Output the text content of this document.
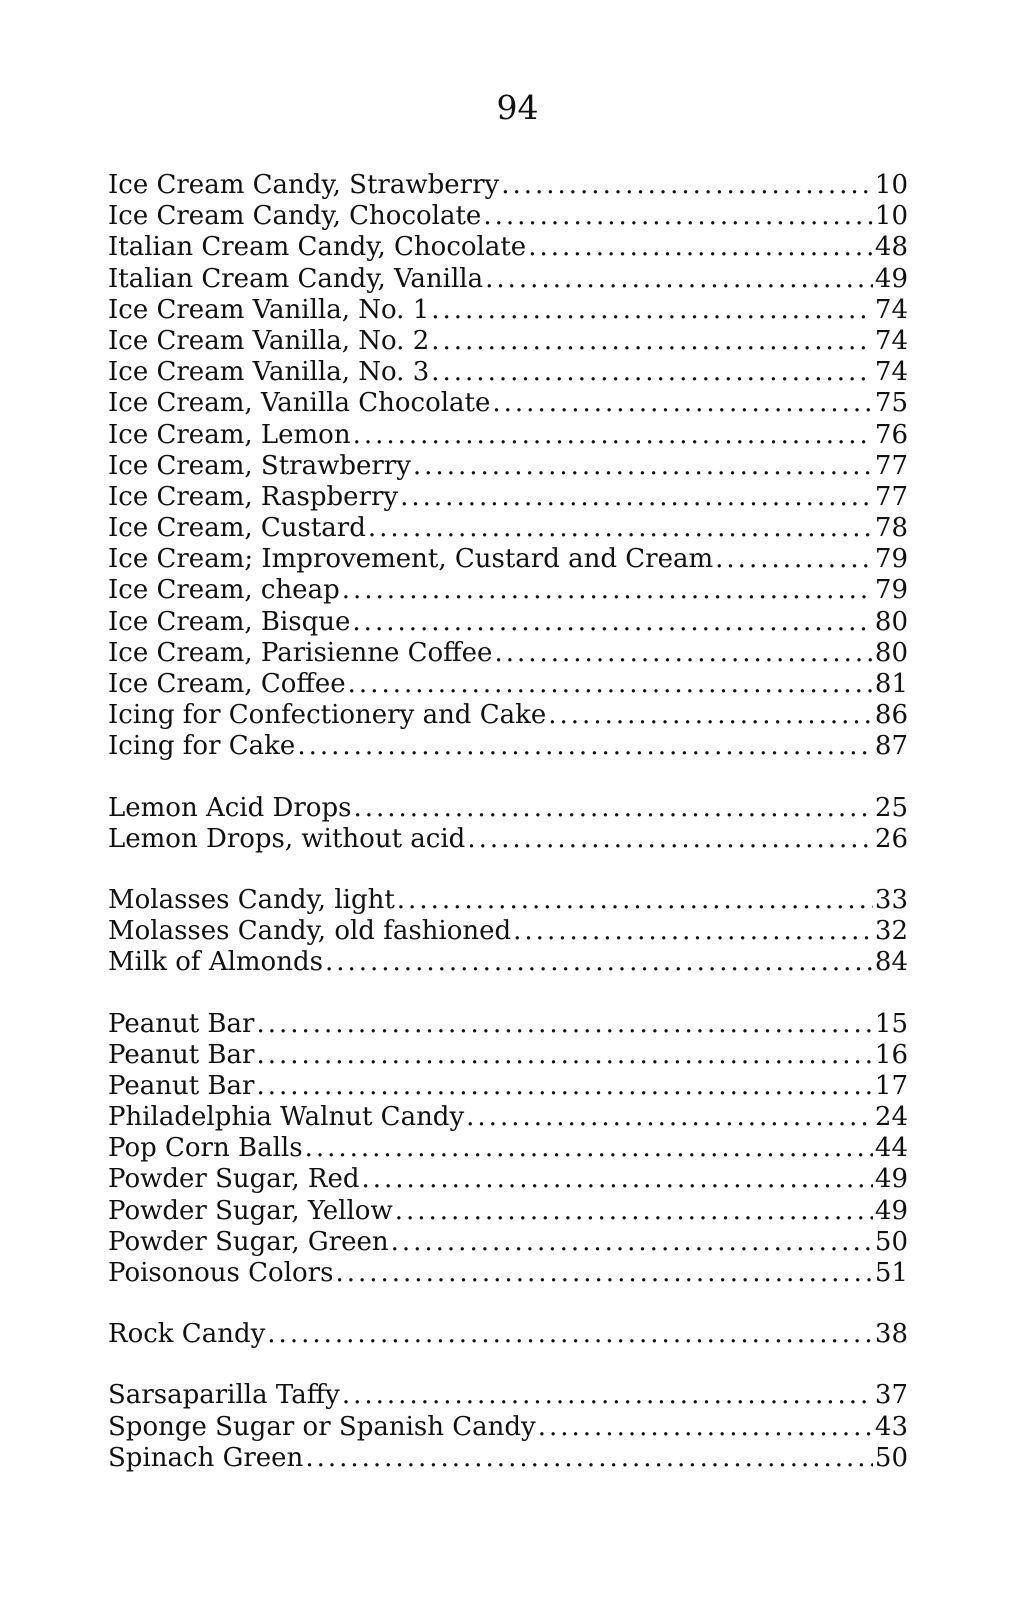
94
Ice Cream Candy, Strawberry .....	10
Ice Cream Candy, Chocolate .....	10
Italian Cream Candy, Chocolate .....	48
Italian Cream Candy, Vanilla .....	49
Ice Cream Vanilla, No. 1 .....	74
Ice Cream Vanilla, No. 2 .....	74
Ice Cream Vanilla, No. 3 .....	74
Ice Cream, Vanilla Chocolate .....	75
Ice Cream, Lemon .....	76
Ice Cream, Strawberry .....	77
Ice Cream, Raspberry .....	77
Ice Cream, Custard .....	78
Ice Cream; Improvement, Custard and Cream .....	79
Ice Cream, cheap .....	79
Ice Cream, Bisque .....	80
Ice Cream, Parisienne Coffee .....	80
Ice Cream, Coffee .....	81
Icing for Confectionery and Cake .....	86
Icing for Cake .....	87
Lemon Acid Drops .....	25
Lemon Drops, without acid .....	26
Molasses Candy, light .....	33
Molasses Candy, old fashioned .....	32
Milk of Almonds .....	84
Peanut Bar .....	15
Peanut Bar .....	16
Peanut Bar .....	17
Philadelphia Walnut Candy .....	24
Pop Corn Balls .....	44
Powder Sugar, Red .....	49
Powder Sugar, Yellow .....	49
Powder Sugar, Green .....	50
Poisonous Colors .....	51
Rock Candy .....	38
Sarsaparilla Taffy .....	37
Sponge Sugar or Spanish Candy .....	43
Spinach Green .....	50
